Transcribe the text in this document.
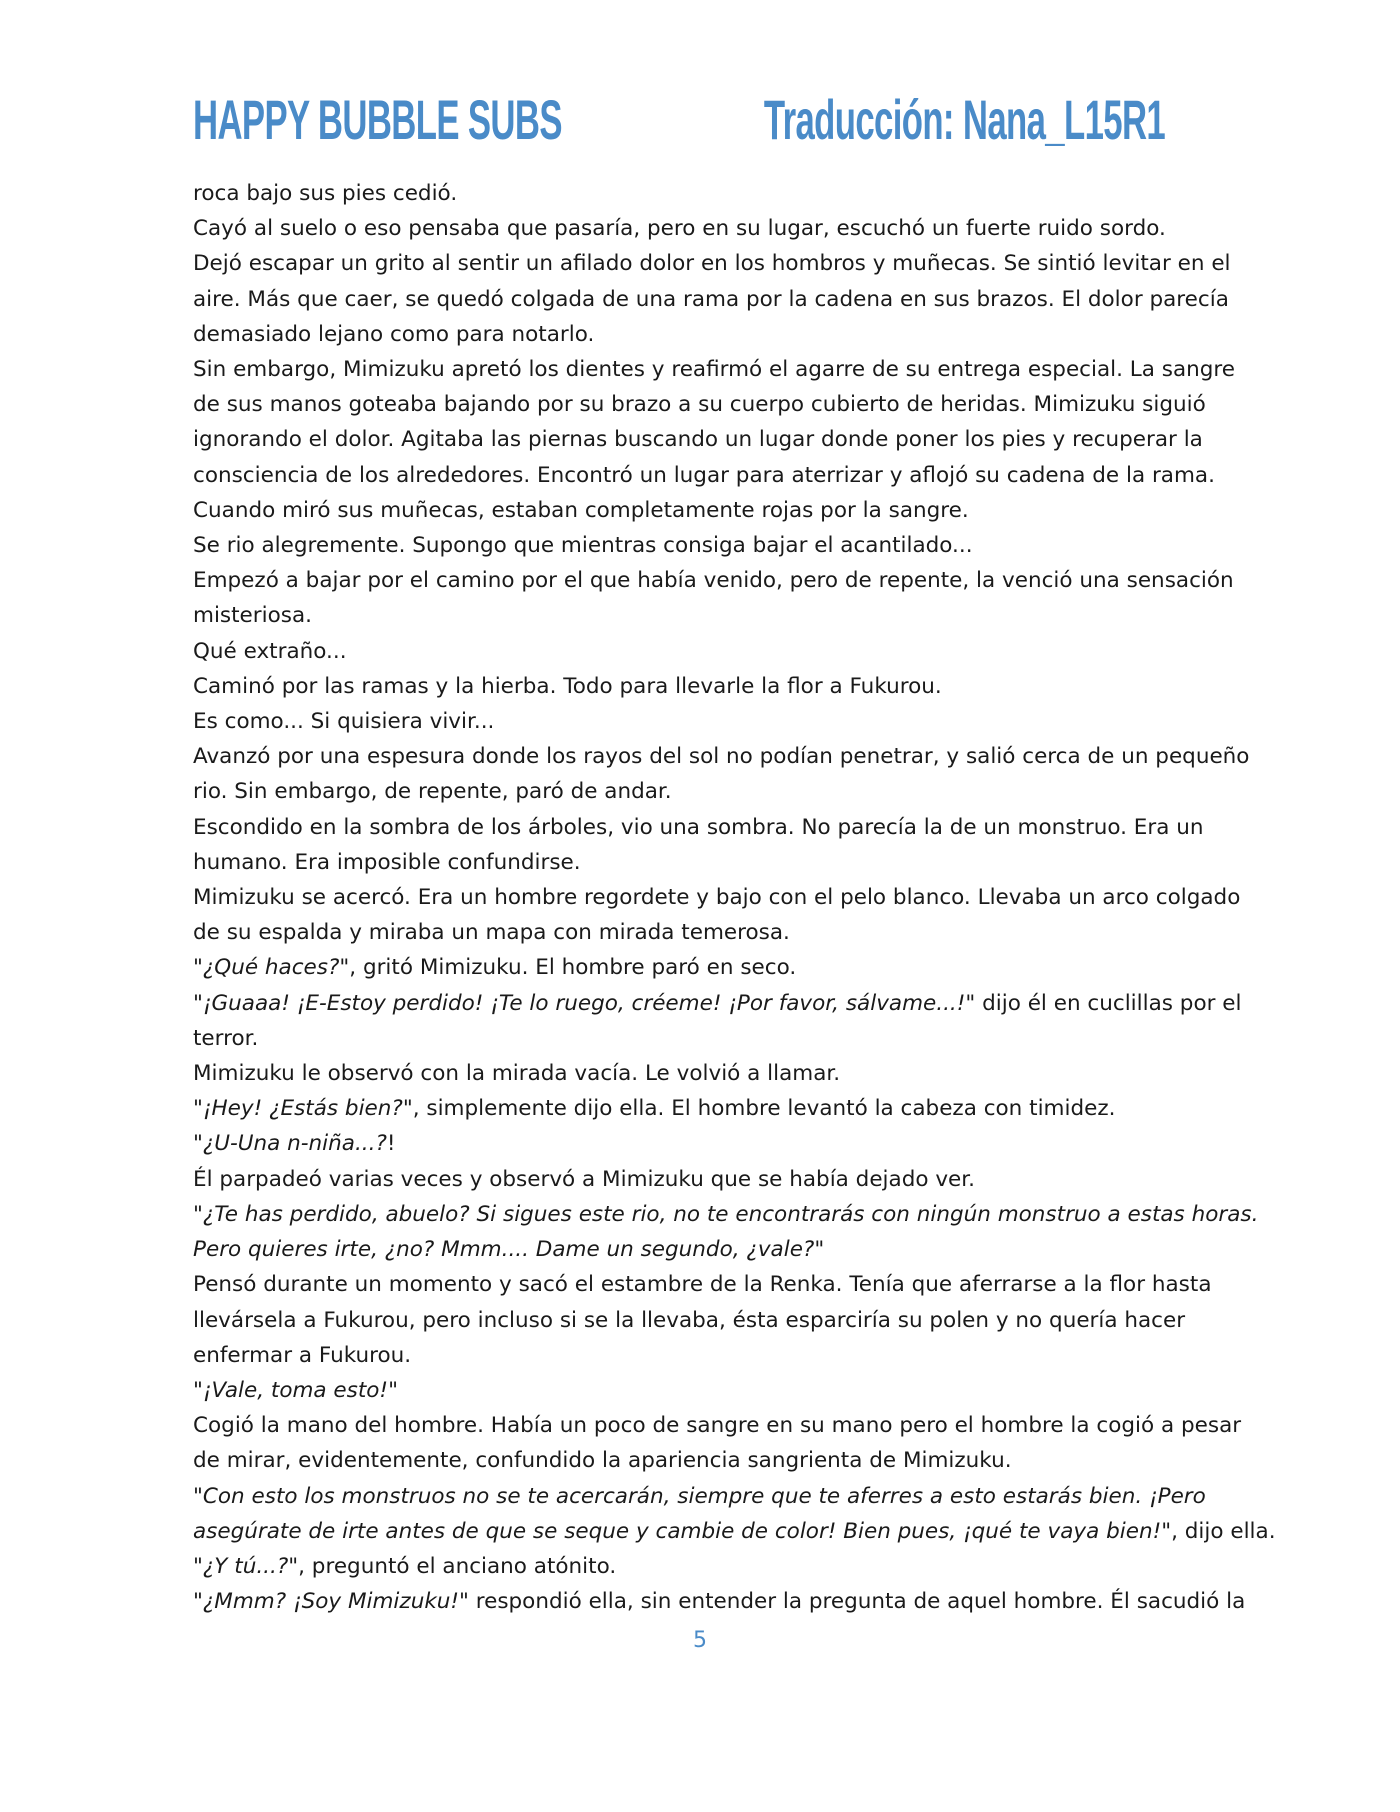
HAPPY BUBBLE SUBS	Traducción: Nana_L15R1

roca bajo sus pies cedió.

Cayó al suelo o eso pensaba que pasaría, pero en su lugar, escuchó un fuerte ruido sordo.

Dejó escapar un grito al sentir un afilado dolor en los hombros y muñecas. Se sintió levitar en el

aire. Más que caer, se quedó colgada de una rama por la cadena en sus brazos. El dolor parecía

demasiado lejano como para notarlo.

Sin embargo, Mimizuku apretó los dientes y reafirmó el agarre de su entrega especial. La sangre

de sus manos goteaba bajando por su brazo a su cuerpo cubierto de heridas. Mimizuku siguió

ignorando el dolor. Agitaba las piernas buscando un lugar donde poner los pies y recuperar la

consciencia de los alrededores. Encontró un lugar para aterrizar y aflojó su cadena de la rama.

Cuando miró sus muñecas, estaban completamente rojas por la sangre.

Se rio alegremente. Supongo que mientras consiga bajar el acantilado...

Empezó a bajar por el camino por el que había venido, pero de repente, la venció una sensación

misteriosa.

Qué extraño...

Caminó por las ramas y la hierba. Todo para llevarle la flor a Fukurou.

Es como... Si quisiera vivir...

Avanzó por una espesura donde los rayos del sol no podían penetrar, y salió cerca de un pequeño

rio. Sin embargo, de repente, paró de andar.

Escondido en la sombra de los árboles, vio una sombra. No parecía la de un monstruo. Era un

humano. Era imposible confundirse.

Mimizuku se acercó. Era un hombre regordete y bajo con el pelo blanco. Llevaba un arco colgado

de su espalda y miraba un mapa con mirada temerosa.

"¿Qué haces?", gritó Mimizuku. El hombre paró en seco.

"¡Guaaa! ¡E-Estoy perdido! ¡Te lo ruego, créeme! ¡Por favor, sálvame...!" dijo él en cuclillas por el

terror.

Mimizuku le observó con la mirada vacía. Le volvió a llamar.

"¡Hey! ¿Estás bien?", simplemente dijo ella. El hombre levantó la cabeza con timidez.

"¿U-Una n-niña...?!

Él parpadeó varias veces y observó a Mimizuku que se había dejado ver.

"¿Te has perdido, abuelo? Si sigues este rio, no te encontrarás con ningún monstruo a estas horas.

Pero quieres irte, ¿no? Mmm.... Dame un segundo, ¿vale?"

Pensó durante un momento y sacó el estambre de la Renka. Tenía que aferrarse a la flor hasta

llevársela a Fukurou, pero incluso si se la llevaba, ésta esparciría su polen y no quería hacer

enfermar a Fukurou.

"¡Vale, toma esto!"

Cogió la mano del hombre. Había un poco de sangre en su mano pero el hombre la cogió a pesar

de mirar, evidentemente, confundido la apariencia sangrienta de Mimizuku.

"Con esto los monstruos no se te acercarán, siempre que te aferres a esto estarás bien. ¡Pero

asegúrate de irte antes de que se seque y cambie de color! Bien pues, ¡qué te vaya bien!", dijo ella.

"¿Y tú...?", preguntó el anciano atónito.

"¿Mmm? ¡Soy Mimizuku!" respondió ella, sin entender la pregunta de aquel hombre. Él sacudió la

5
